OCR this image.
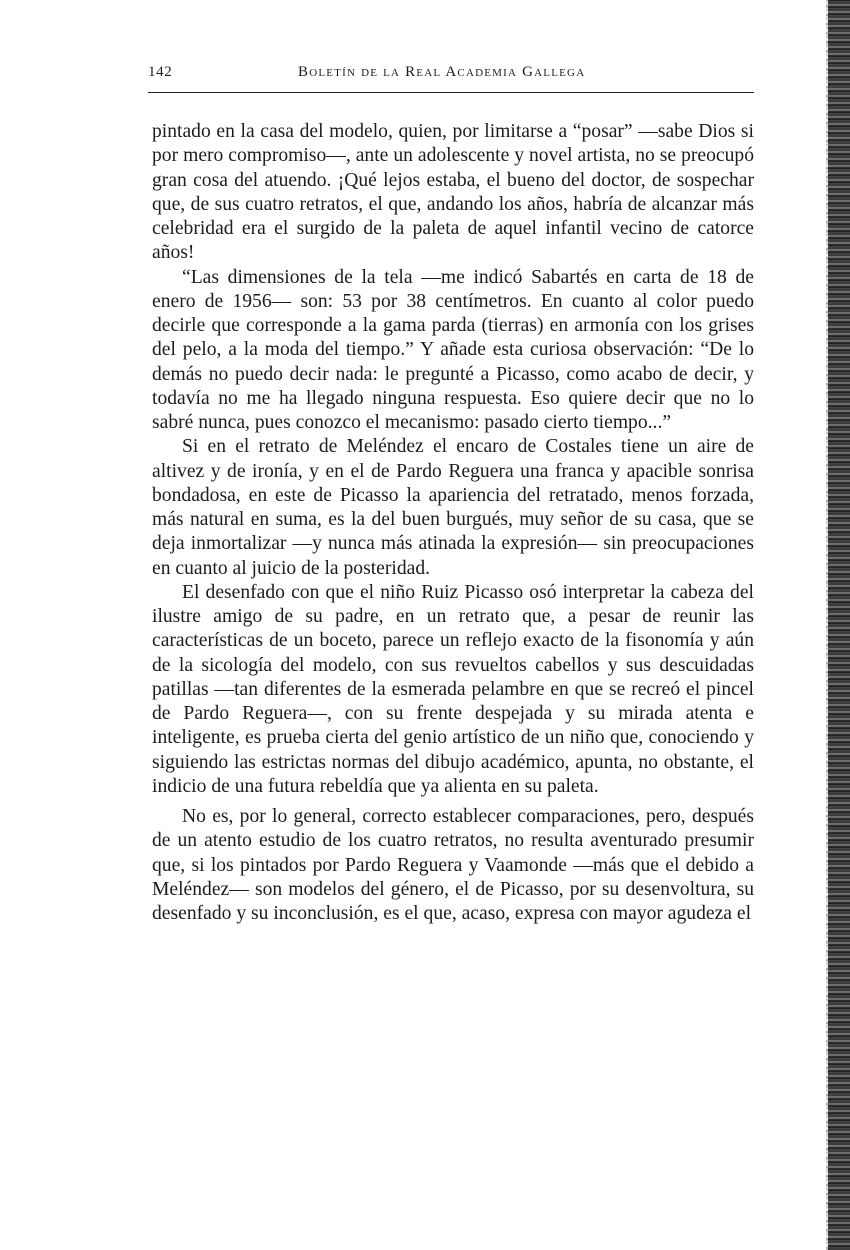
142	Boletín de la Real Academia Gallega

pintado en la casa del modelo, quien, por limitarse a “posar” —sabe Dios si por mero compromiso—, ante un adolescente y novel artista, no se preocupó gran cosa del atuendo. ¡Qué lejos estaba, el bueno del doctor, de sospechar que, de sus cuatro retratos, el que, andando los años, habría de alcanzar más celebridad era el surgido de la paleta de aquel infantil vecino de catorce años!

“Las dimensiones de la tela —me indicó Sabartés en carta de 18 de enero de 1956— son: 53 por 38 centímetros. En cuanto al color puedo decirle que corresponde a la gama parda (tierras) en armonía con los grises del pelo, a la moda del tiempo.” Y añade esta curiosa observación: “De lo demás no puedo decir nada: le pregunté a Picasso, como acabo de decir, y todavía no me ha llegado ninguna respuesta. Eso quiere decir que no lo sabré nunca, pues conozco el mecanismo: pasado cierto tiempo...”

Si en el retrato de Meléndez el encaro de Costales tiene un aire de altivez y de ironía, y en el de Pardo Reguera una franca y apacible sonrisa bondadosa, en este de Picasso la apariencia del retratado, menos forzada, más natural en suma, es la del buen burgués, muy señor de su casa, que se deja inmortalizar —y nunca más atinada la expresión— sin preocupaciones en cuanto al juicio de la posteridad.

El desenfado con que el niño Ruiz Picasso osó interpretar la cabeza del ilustre amigo de su padre, en un retrato que, a pesar de reunir las características de un boceto, parece un reflejo exacto de la fisonomía y aún de la sicología del modelo, con sus revueltos cabellos y sus descuidadas patillas —tan diferentes de la esmerada pelambre en que se recreó el pincel de Pardo Reguera—, con su frente despejada y su mirada atenta e inteligente, es prueba cierta del genio artístico de un niño que, conociendo y siguiendo las estrictas normas del dibujo académico, apunta, no obstante, el indicio de una futura rebeldía que ya alienta en su paleta.

No es, por lo general, correcto establecer comparaciones, pero, después de un atento estudio de los cuatro retratos, no resulta aventurado presumir que, si los pintados por Pardo Reguera y Vaamonde —más que el debido a Meléndez— son modelos del género, el de Picasso, por su desenvoltura, su desenfado y su inconclusión, es el que, acaso, expresa con mayor agudeza el
